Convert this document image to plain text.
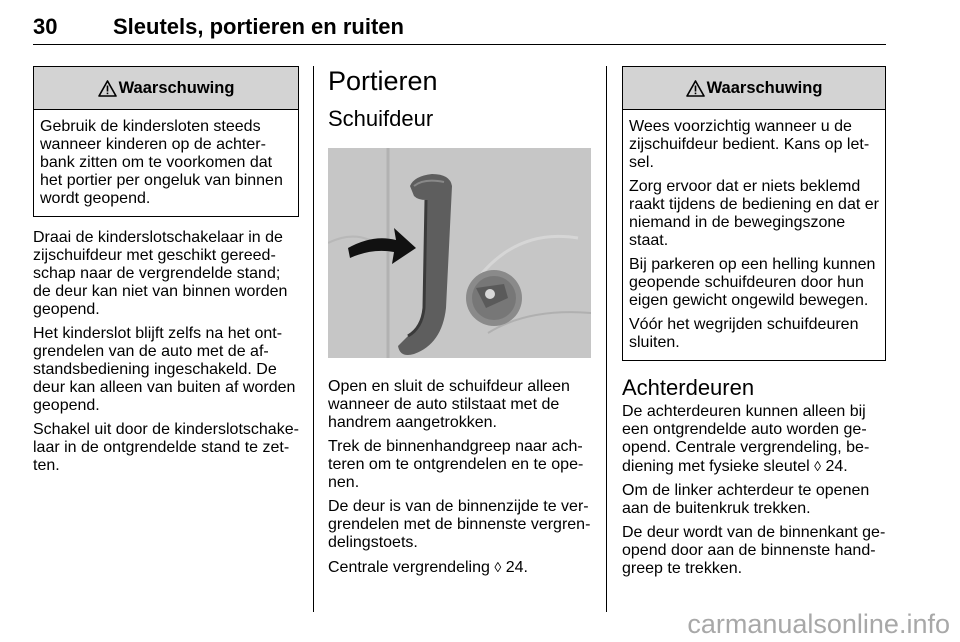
30	Sleutels, portieren en ruiten
Waarschuwing

Gebruik de kindersloten steeds wanneer kinderen op de achterbank zitten om te voorkomen dat het portier per ongeluk van binnen wordt geopend.

Draai de kinderslotschakelaar in de zijschuifdeur met geschikt gereedschap naar de vergrendelde stand; de deur kan niet van binnen worden geopend.

Het kinderslot blijft zelfs na het ontgrendelen van de auto met de afstandsbediening ingeschakeld. De deur kan alleen van buiten af worden geopend.

Schakel uit door de kinderslotschakelaar in de ontgrendelde stand te zetten.

Portieren
Schuifdeur

Open en sluit de schuifdeur alleen wanneer de auto stilstaat met de handrem aangetrokken.

Trek de binnenhandgreep naar achteren om te ontgrendelen en te openen.

De deur is van de binnenzijde te vergrendelen met de binnenste vergrendelingstoets.

Centrale vergrendeling ◊ 24.

Waarschuwing

Wees voorzichtig wanneer u de zijschuifdeur bedient. Kans op letsel.

Zorg ervoor dat er niets beklemd raakt tijdens de bediening en dat er niemand in de bewegingszone staat.

Bij parkeren op een helling kunnen geopende schuifdeuren door hun eigen gewicht ongewild bewegen.

Vóór het wegrijden schuifdeuren sluiten.

Achterdeuren

De achterdeuren kunnen alleen bij een ontgrendelde auto worden geopend. Centrale vergrendeling, bediening met fysieke sleutel ◊ 24.

Om de linker achterdeur te openen aan de buitenkruk trekken.

De deur wordt van de binnenkant geopend door aan de binnenste handgreep te trekken.

carmanualsonline.info
